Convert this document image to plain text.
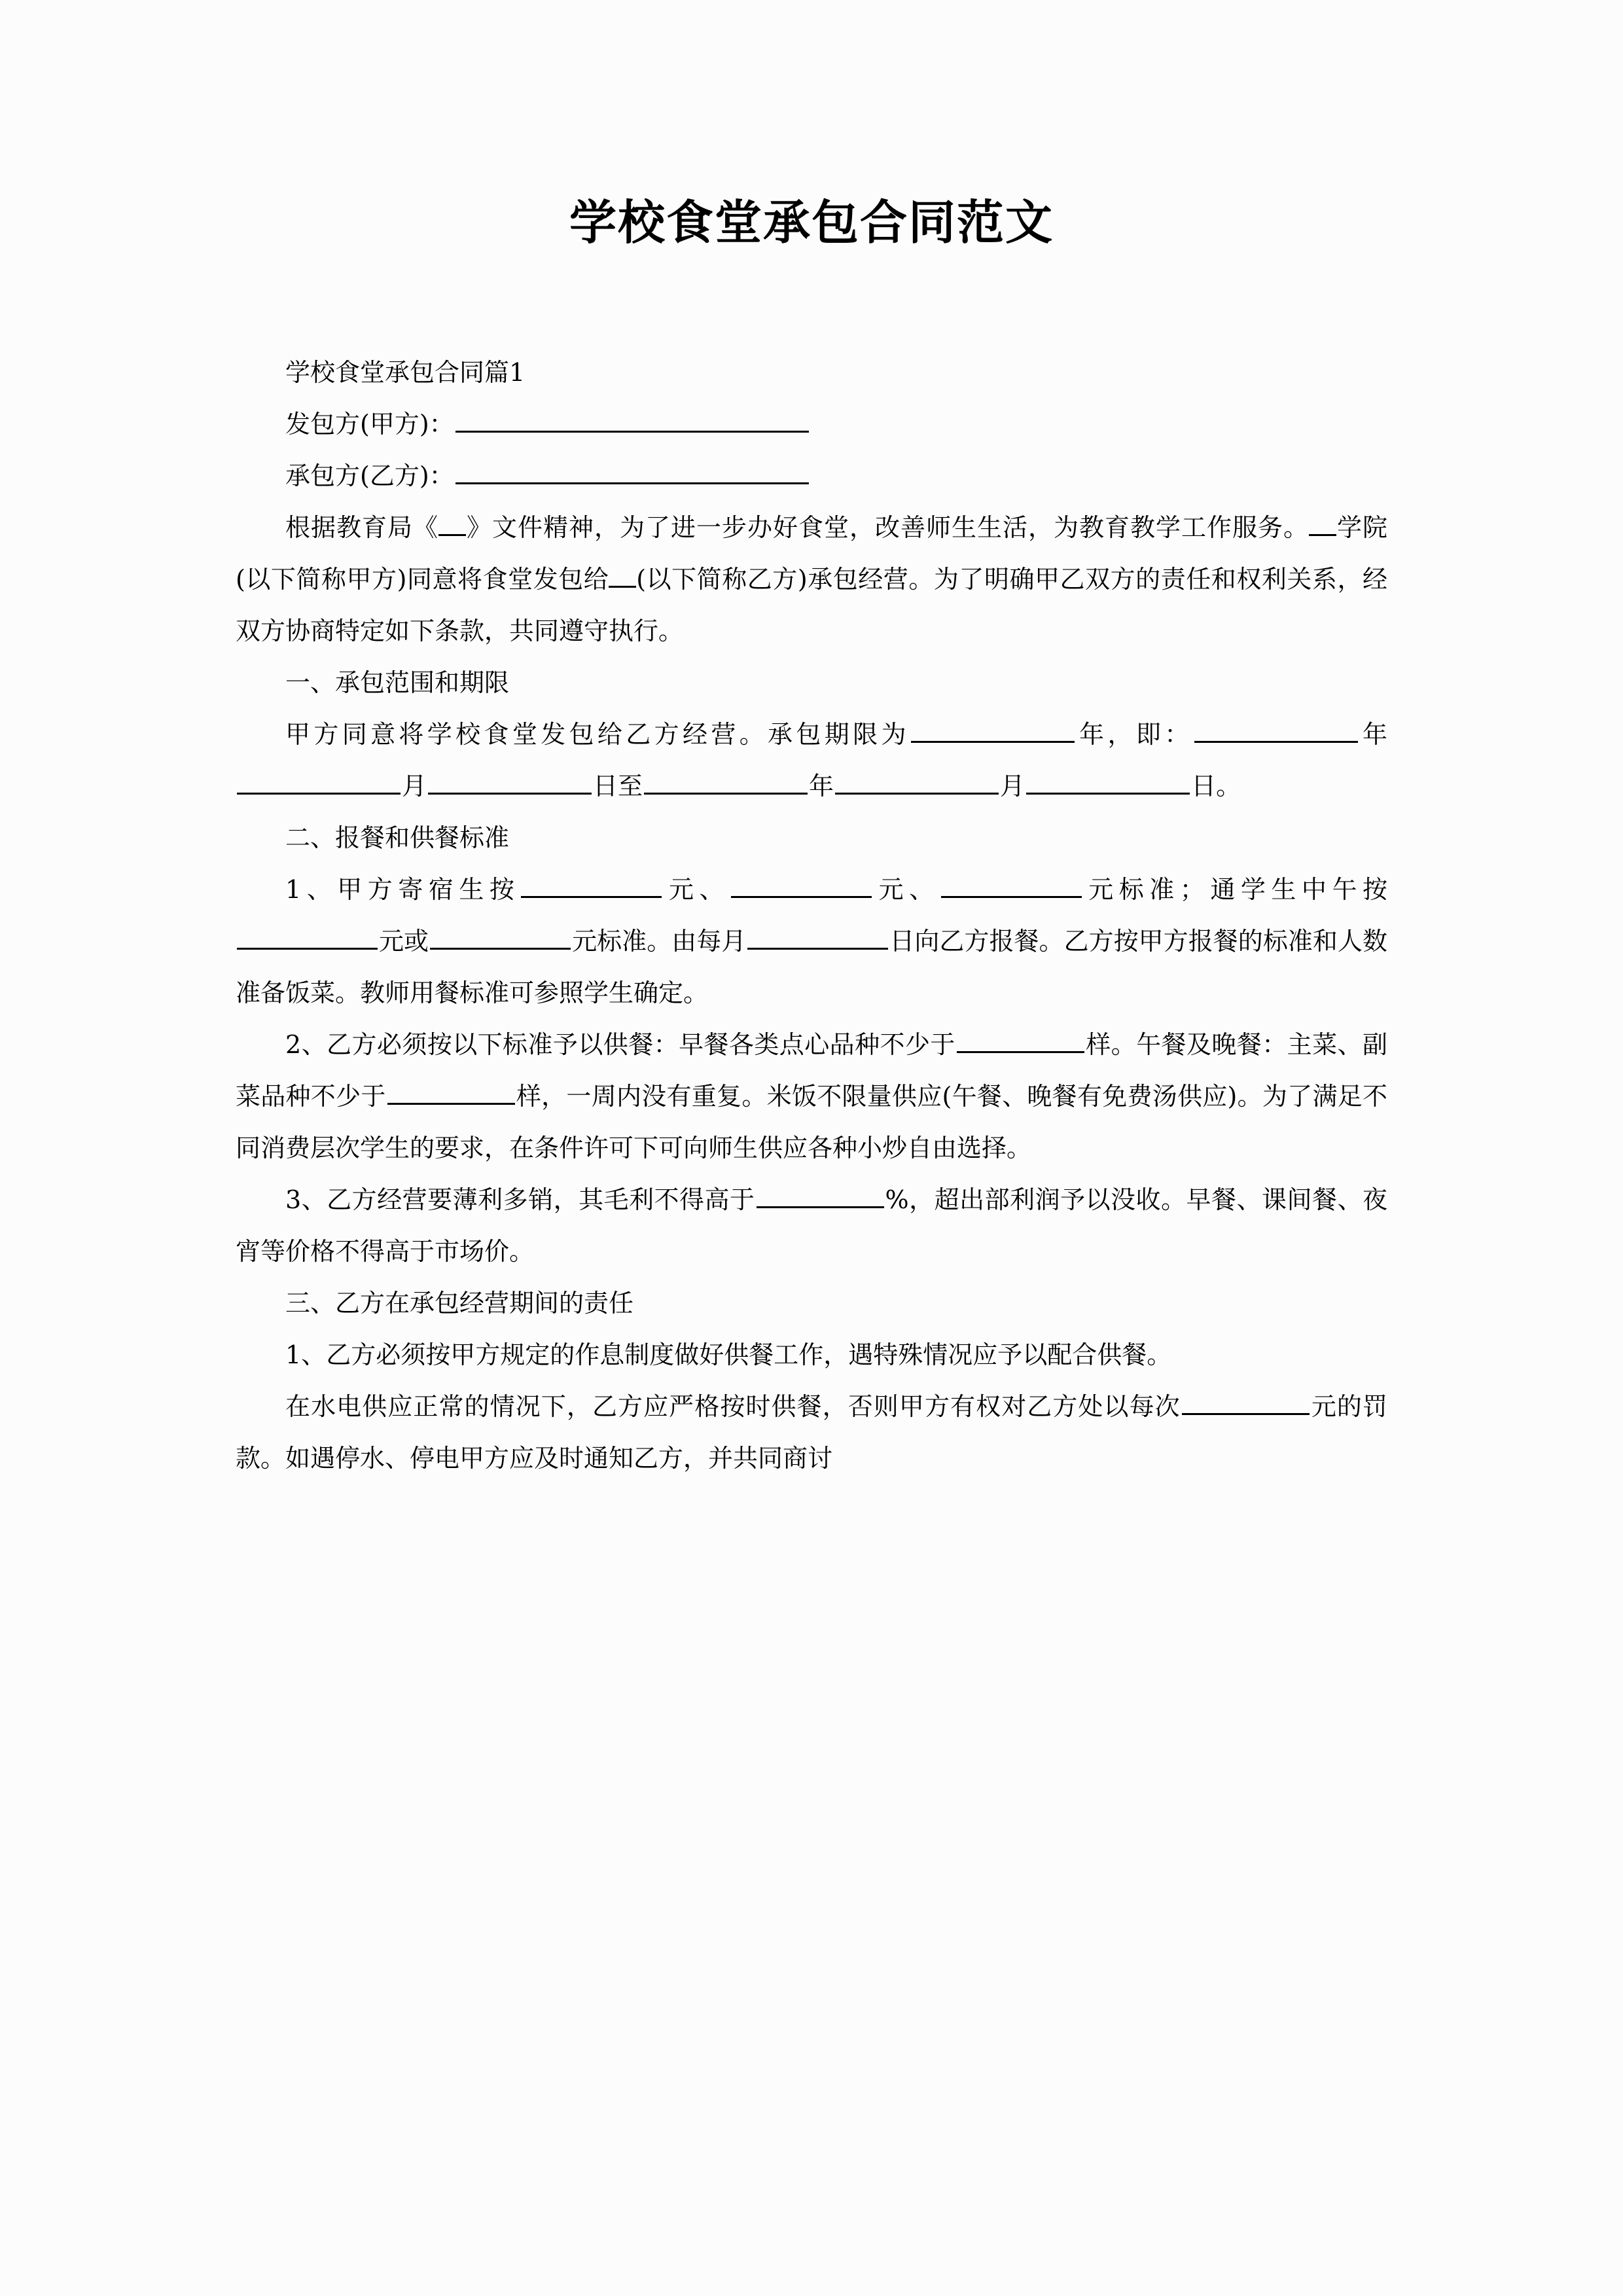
学校食堂承包合同范文

学校食堂承包合同篇1

发包方(甲方)：
承包方(乙方)：

根据教育局《 》文件精神，为了进一步办好食堂，改善师生生活，为教育教学工作服务。 学院(以下简称甲方)同意将食堂发包给 (以下简称乙方)承包经营。为了明确甲乙双方的责任和权利关系，经双方协商特定如下条款，共同遵守执行。

一、承包范围和期限

甲方同意将学校食堂发包给乙方经营。承包期限为	年，即：	年月	日至	年	月	日。

二、报餐和供餐标准

1、甲方寄宿生按	元、	元、	元标准；通学生中午按元或	元标准。由每月	日向乙方报餐。乙方按甲方报餐的标准和人数准备饭菜。教师用餐标准可参照学生确定。

2、乙方必须按以下标准予以供餐：早餐各类点心品种不少于	样。午餐及晚餐：主菜、副菜品种不少于	样，一周内没有重复。米饭不限量供应(午餐、晚餐有免费汤供应)。为了满足不同消费层次学生的要求，在条件许可下可向师生供应各种小炒自由选择。

3、乙方经营要薄利多销，其毛利不得高于	%，超出部利润予以没收。早餐、课间餐、夜宵等价格不得高于市场价。

三、乙方在承包经营期间的责任

1、乙方必须按甲方规定的作息制度做好供餐工作，遇特殊情况应予以配合供餐。

在水电供应正常的情况下，乙方应严格按时供餐，否则甲方有权对乙方处以每次	元的罚款。如遇停水、停电甲方应及时通知乙方，并共同商讨
